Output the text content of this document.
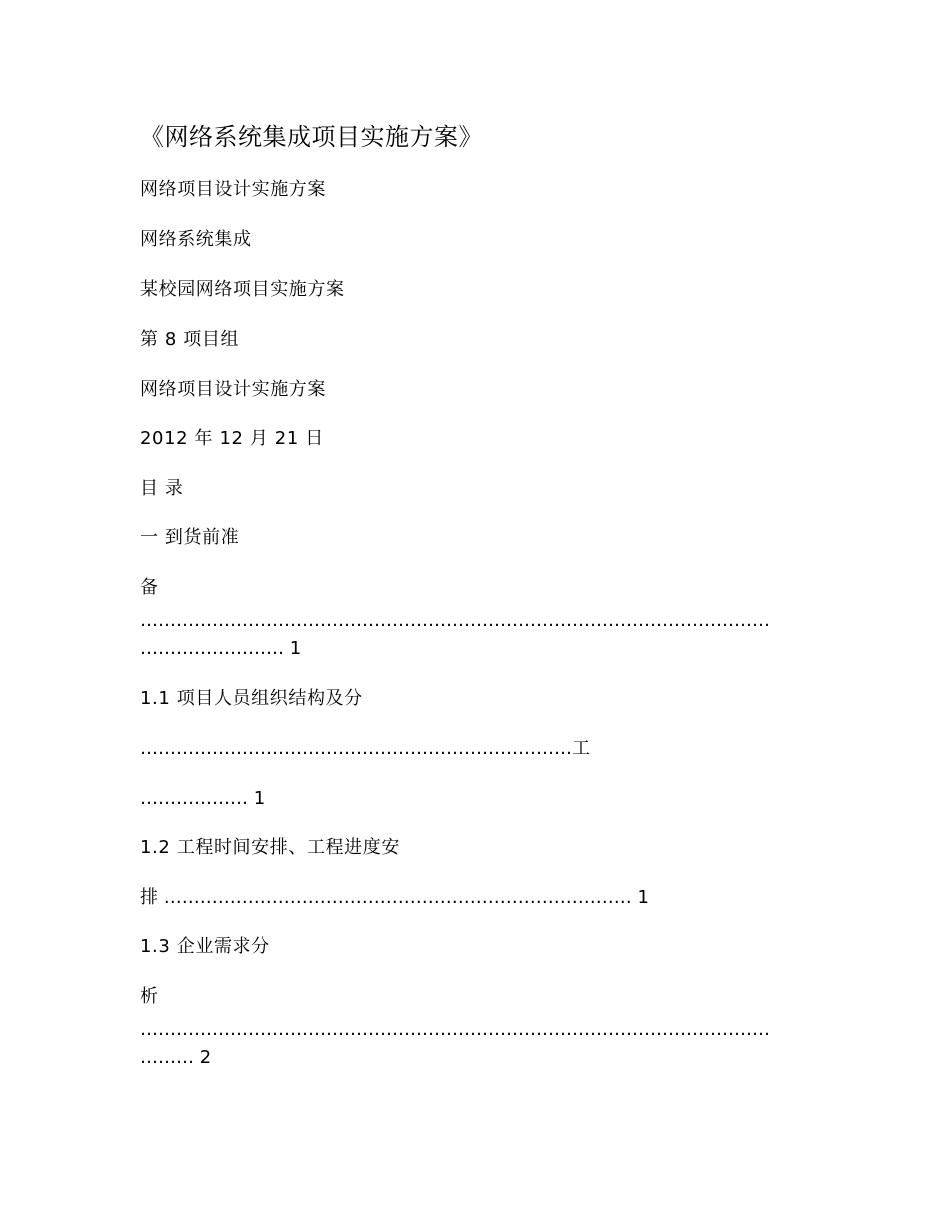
《网络系统集成项目实施方案》
网络项目设计实施方案
网络系统集成
某校园网络项目实施方案
第 8 项目组
网络项目设计实施方案
2012 年 12 月 21 日
目 录
一 到货前准
备
……………………………………………………………………………………………
…………………… 1
1.1 项目人员组织结构及分
………………………………………………………………工
……………… 1
1.2 工程时间安排、工程进度安
排 …………………………………………………………………… 1
1.3 企业需求分
析
……………………………………………………………………………………………
……… 2
